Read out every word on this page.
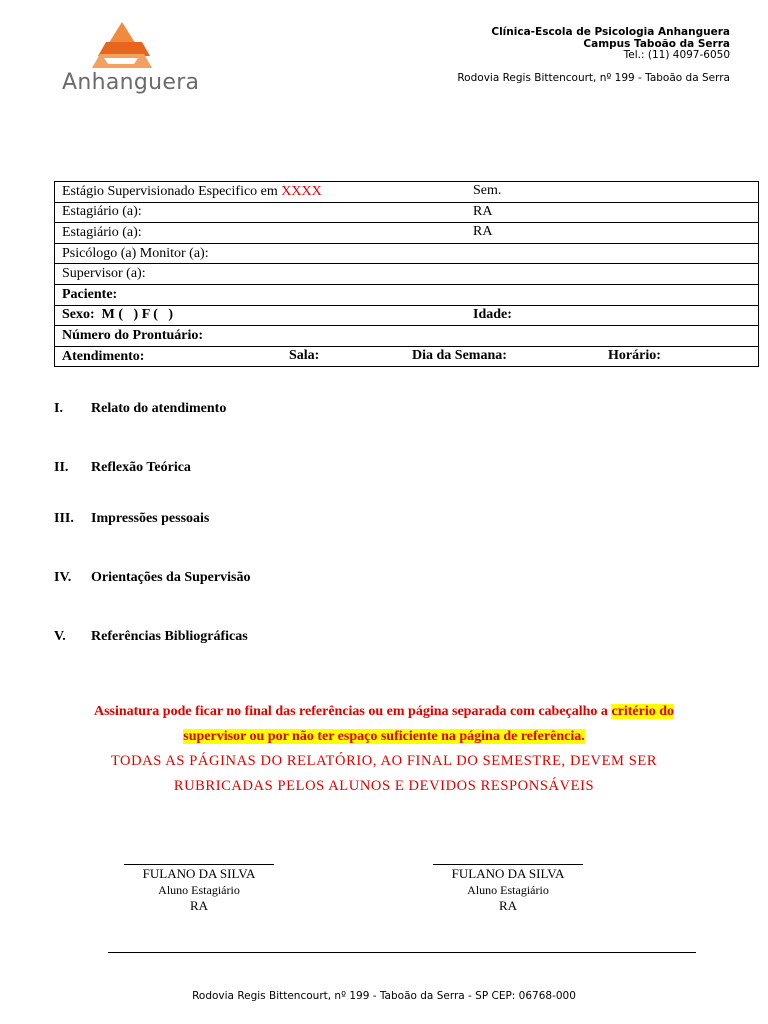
Anhanguera
Clínica-Escola de Psicologia Anhanguera
Campus Taboão da Serra
Tel.: (11) 4097-6050
Rodovia Regis Bittencourt, nº 199 - Taboão da Serra
Estágio Supervisionado Especifico em XXXX	Sem.

Estagiário (a):	RA

Estagiário (a):	RA

Psicólogo (a) Monitor (a):
Supervisor (a):
Paciente:
Sexo:  M (   ) F (   )	Idade:

Número do Prontuário:
Atendimento:	Sala:	Dia da Semana:	Horário:
I. Relato do atendimento
II. Reflexão Teórica
III. Impressões pessoais
IV. Orientações da Supervisão
V. Referências Bibliográficas
Assinatura pode ficar no final das referências ou em página separada com cabeçalho a critério do
supervisor ou por não ter espaço suficiente na página de referência.
TODAS AS PÁGINAS DO RELATÓRIO, AO FINAL DO SEMESTRE, DEVEM SER
RUBRICADAS PELOS ALUNOS E DEVIDOS RESPONSÁVEIS
FULANO DA SILVA
Aluno Estagiário
RA
FULANO DA SILVA
Aluno Estagiário
RA
Rodovia Regis Bittencourt, nº 199 - Taboão da Serra - SP CEP: 06768-000
